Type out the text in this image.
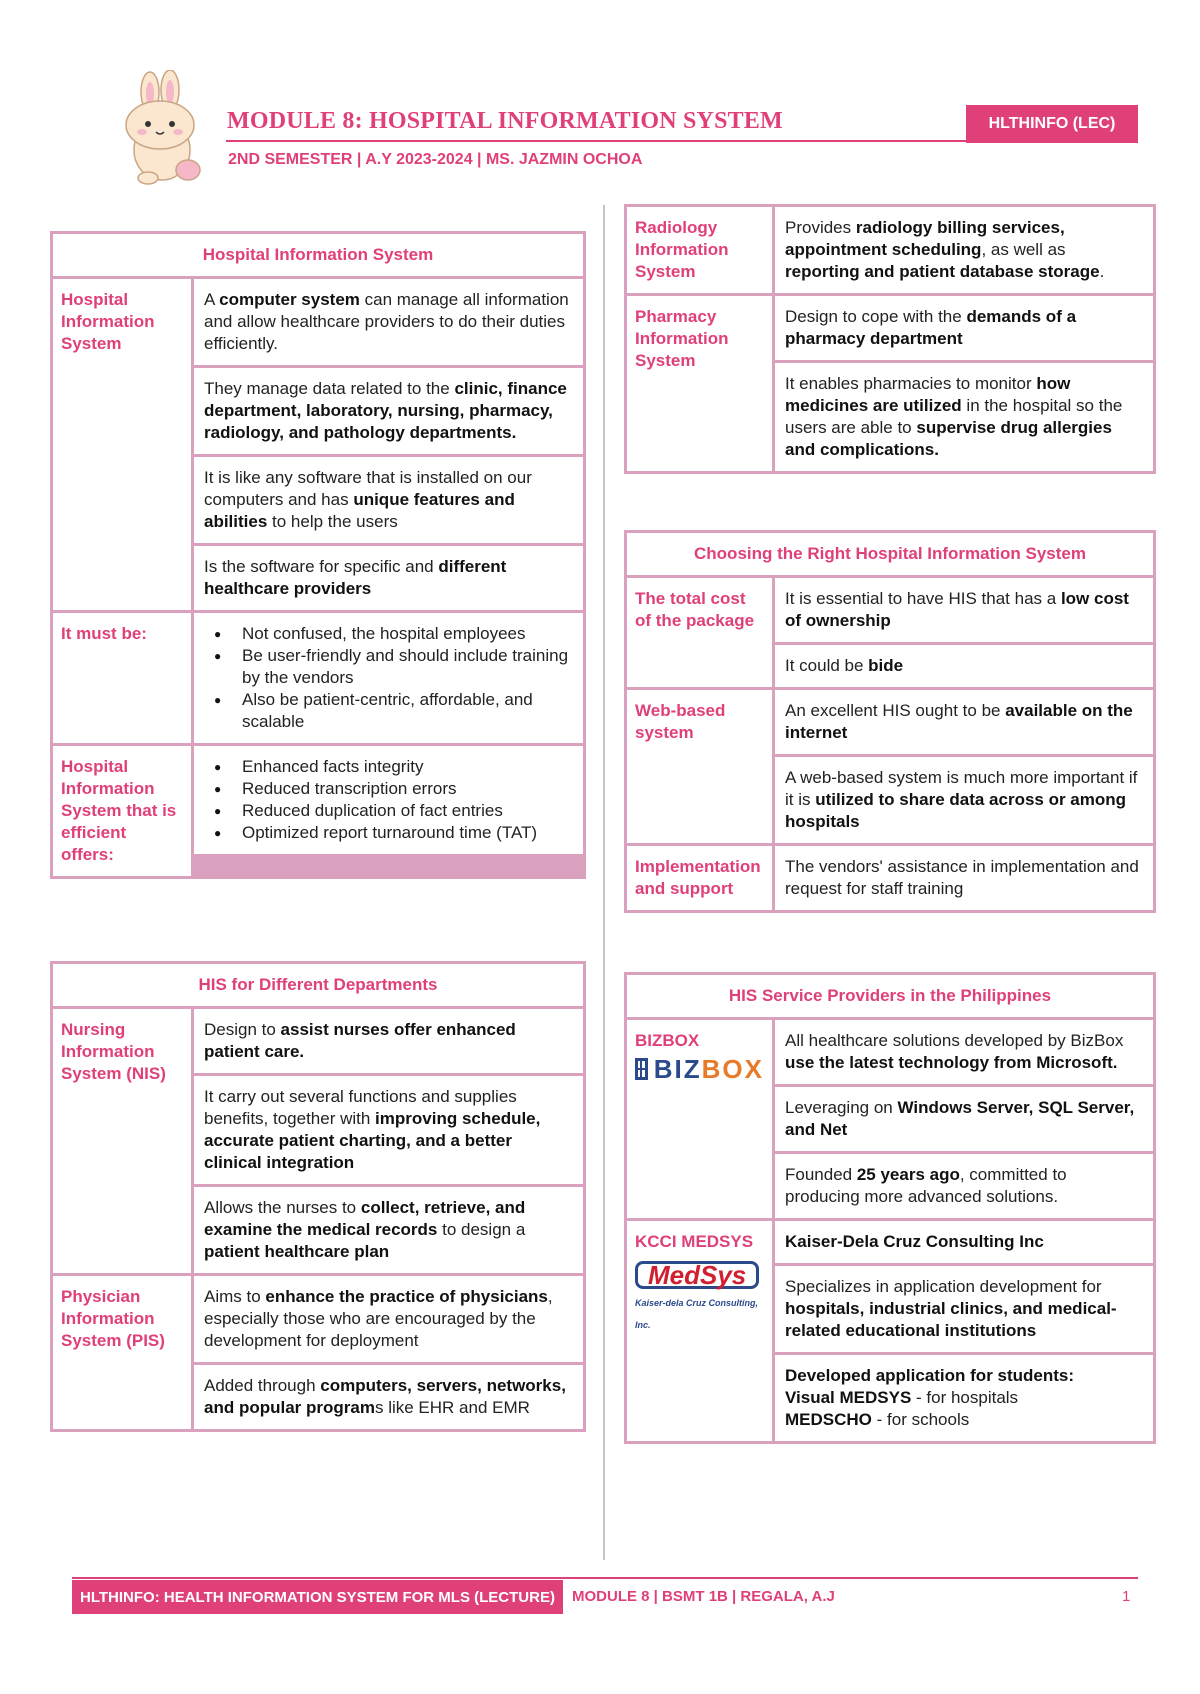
MODULE 8: HOSPITAL INFORMATION SYSTEM	HLTHINFO (LEC)
2ND SEMESTER | A.Y 2023-2024 | MS. JAZMIN OCHOA
Hospital Information System
Hospital Information System
A computer system can manage all information and allow healthcare providers to do their duties efficiently.
They manage data related to the clinic, finance department, laboratory, nursing, pharmacy, radiology, and pathology departments.
It is like any software that is installed on our computers and has unique features and abilities to help the users
Is the software for specific and different healthcare providers
It must be:
●	Not confused, the hospital employees
● Be user-friendly and should include training by the vendors
● Also be patient-centric, affordable, and scalable
Hospital Information System that is efficient offers:
● Enhanced facts integrity
● Reduced transcription errors
● Reduced duplication of fact entries
● Optimized report turnaround time (TAT)
HIS for Different Departments
Nursing Information System (NIS)
Design to assist nurses offer enhanced patient care.
It carry out several functions and supplies benefits, together with improving schedule, accurate patient charting, and a better clinical integration
Allows the nurses to collect, retrieve, and examine the medical records to design a patient healthcare plan
Physician Information System (PIS)
Aims to enhance the practice of physicians, especially those who are encouraged by the development for deployment
Added through computers, servers, networks, and popular programs like EHR and EMR
Radiology Information System
Provides radiology billing services, appointment scheduling, as well as reporting and patient database storage.
Pharmacy Information System
Design to cope with the demands of a pharmacy department
It enables pharmacies to monitor how medicines are utilized in the hospital so the users are able to supervise drug allergies and complications.
Choosing the Right Hospital Information System
The total cost of the package
It is essential to have HIS that has a low cost of ownership
It could be bide
Web-based system
An excellent HIS ought to be available on the internet
A web-based system is much more important if it is utilized to share data across or among hospitals
Implementation and support
The vendors' assistance in implementation and request for staff training
HIS Service Providers in the Philippines
BIZBOX
BIZBOX
All healthcare solutions developed by BizBox use the latest technology from Microsoft.
Leveraging on Windows Server, SQL Server, and Net
Founded 25 years ago, committed to producing more advanced solutions.
KCCI MEDSYS
MedSys
Kaiser-dela Cruz Consulting, Inc.
Kaiser-Dela Cruz Consulting Inc
Specializes in application development for hospitals, industrial clinics, and medical-related educational institutions
Developed application for students:
Visual MEDSYS - for hospitals
MEDSCHO - for schools
HLTHINFO: HEALTH INFORMATION SYSTEM FOR MLS (LECTURE)	MODULE 8 | BSMT 1B | REGALA, A.J	1
